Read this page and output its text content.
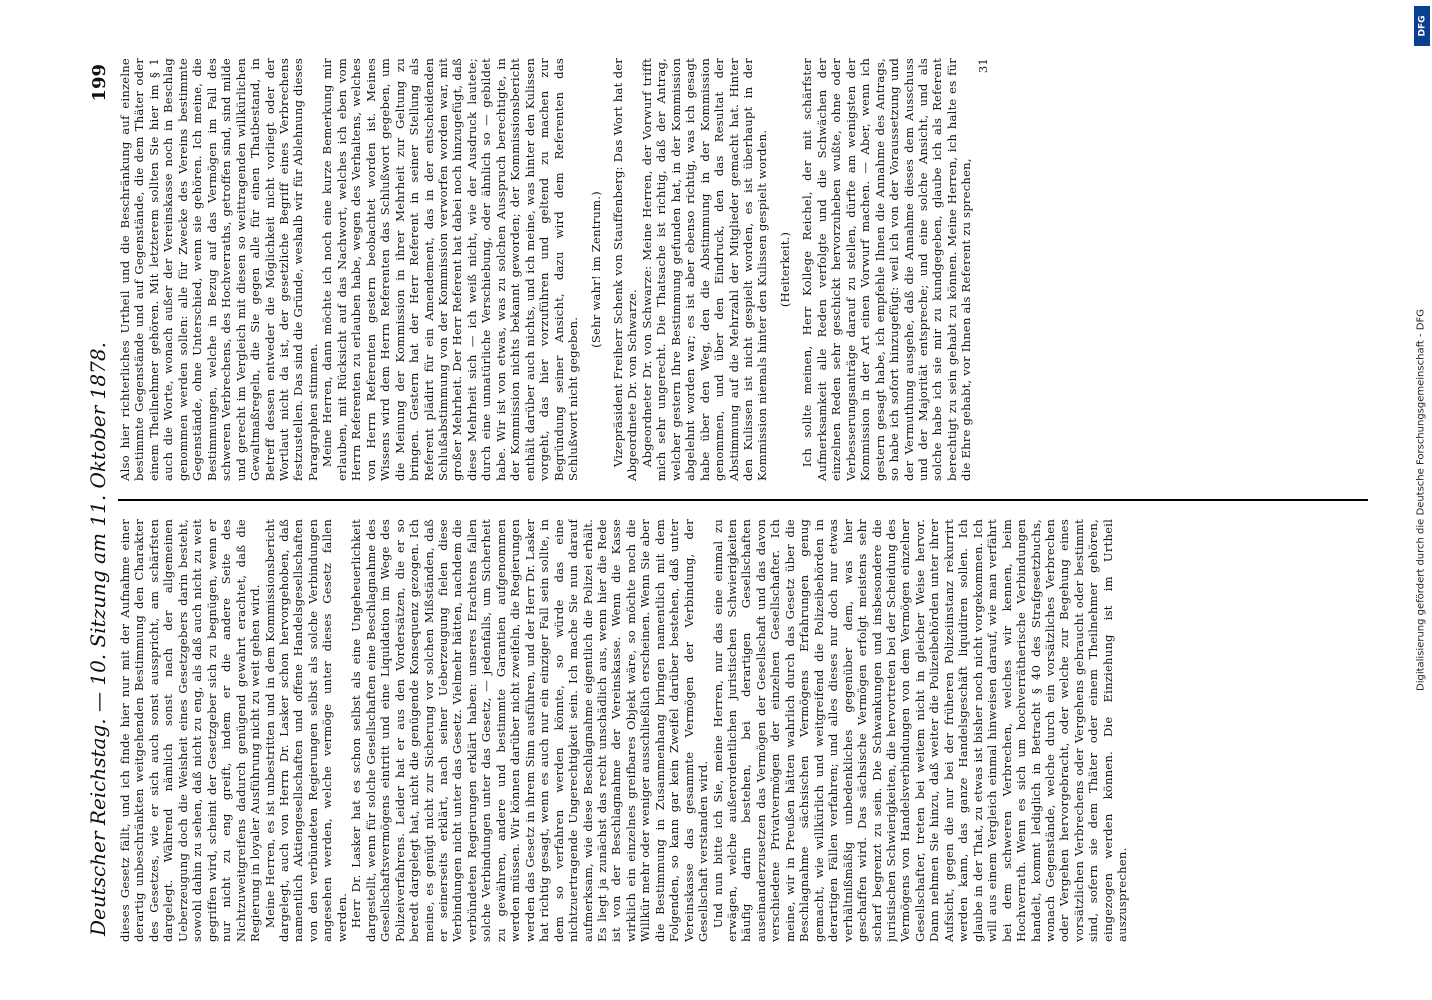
Deutscher Reichstag. — 10. Sitzung am 11. Oktober 1878.
199

dieses Gesetz fällt, und ich finde hier nur mit der Aufnahme einer derartig unbeschränkten weitgehenden Bestimmung den Charakter des Gesetzes, wie er sich auch sonst ausspricht, am schärfsten dargelegt. Während nämlich sonst nach der allgemeinen Ueberzeugung doch die Weisheit eines Gesetzgebers darin besteht, sowohl dahin zu sehen, daß nicht zu eng, als daß auch nicht zu weit gegriffen wird, scheint der Gesetzgeber sich zu begnügen, wenn er nur nicht zu eng greift, indem er die andere Seite des Nichtzuweitgreifens dadurch genügend gewahrt erachtet, daß die Regierung in loyaler Ausführung nicht zu weit gehen wird. Meine Herren, es ist unbestritten und in dem Kommissionsbericht dargelegt, auch von Herrn Dr. Lasker schon hervorgehoben, daß namentlich Aktiengesellschaften und offene Handelsgesellschaften von den verbündeten Regierungen selbst als solche Verbindungen angesehen werden, welche vermöge unter dieses Gesetz fallen werden. Herr Dr. Lasker hat es schon selbst als eine Ungeheuerlichkeit dargestellt, wenn für solche Gesellschaften eine Beschlagnahme des Gesellschaftsvermögens eintritt und eine Liquidation im Wege des Polizeiverfahrens. Leider hat er aus den Vordersätzen, die er so beredt dargelegt hat, nicht die genügende Konsequenz gezogen. Ich meine, es genügt nicht zur Sicherung vor solchen Mißständen, daß er seinerseits erklärt, nach seiner Ueberzeugung fielen diese Verbindungen nicht unter das Gesetz. Vielmehr hätten, nachdem die verbündeten Regierungen erklärt haben: unseres Erachtens fallen solche Verbindungen unter das Gesetz, — jedenfalls, um Sicherheit zu gewähren, andere und bestimmte Garantien aufgenommen werden müssen. Wir können darüber nicht zweifeln, die Regierungen werden das Gesetz in ihrem Sinn ausführen, und der Herr Dr. Lasker hat richtig gesagt, wenn es auch nur ein einziger Fall sein sollte, in dem so verfahren werden könnte, so würde das eine nichtzuertragende Ungerechtigkeit sein. Ich mache Sie nun darauf aufmerksam, wie diese Beschlagnahme eigentlich die Polizei erhält. Es liegt ja zunächst das recht unschädlich aus, wenn hier die Rede ist von der Beschlagnahme der Vereinskasse. Wenn die Kasse wirklich ein einzelnes greifbares Objekt wäre, so möchte noch die Willkür mehr oder weniger ausschließlich erscheinen. Wenn Sie aber die Bestimmung in Zusammenhang bringen namentlich mit dem Folgenden, so kann gar kein Zweifel darüber bestehen, daß unter Vereinskasse das gesammte Vermögen der Verbindung, der Gesellschaft verstanden wird. Und nun bitte ich Sie, meine Herren, nur das eine einmal zu erwägen, welche außerordentlichen juristischen Schwierigkeiten häufig darin bestehen, bei derartigen Gesellschaften auseinanderzusetzen das Vermögen der Gesellschaft und das davon verschiedene Privatvermögen der einzelnen Gesellschafter. Ich meine, wir in Preußen hätten wahrlich durch das Gesetz über die Beschlagnahme sächsischen Vermögens Erfahrungen genug gemacht, wie willkürlich und weitgreifend die Polizeibehörden in derartigen Fällen verfahren; und alles dieses nur doch nur etwas verhältnißmäßig unbedenkliches gegenüber dem, was hier geschaffen wird. Das sächsische Vermögen erfolgt meistens sehr scharf begrenzt zu sein. Die Schwankungen und insbesondere die juristischen Schwierigkeiten, die hervortreten bei der Scheidung des Vermögens von Handelsverbindungen von dem Vermögen einzelner Gesellschafter, treten bei weitem nicht in gleicher Weise hervor. Dann nehmen Sie hinzu, daß weiter die Polizeibehörden unter ihrer Aufsicht, gegen die nur bei der früheren Polizeiinstanz rekurrirt werden kann, das ganze Handelsgeschäft liquidiren sollen. Ich glaube in der That, zu etwas ist bisher noch nicht vorgekommen. Ich will aus einem Vergleich einmal hinweisen darauf, wie man verfährt bei dem schweren Verbrechen, welches wir kennen, beim Hochverrath. Wenn es sich um hochverrätherische Verbindungen handelt, kommt lediglich in Betracht § 40 des Strafgesetzbuchs, wonach Gegenstände, welche durch ein vorsätzliches Verbrechen oder Vergehen hervorgebracht, oder welche zur Begehung eines vorsätzlichen Verbrechens oder Vergehens gebraucht oder bestimmt sind, sofern sie dem Thäter oder einem Theilnehmer gehören, eingezogen werden können. Die Einziehung ist im Urtheil auszusprechen.

Also hier richterliches Urtheil und die Beschränkung auf einzelne bestimmte Gegenstände und auf Gegenstände, die dem Thäter oder einem Theilnehmer gehören. Mit letzterem sollten Sie hier im § 1 auch die Worte, wonach außer der Vereinskasse noch in Beschlag genommen werden sollen: alle für Zwecke des Vereins bestimmte Gegenstände, ohne Unterschied, wenn sie gehören. Ich meine, die Bestimmungen, welche in Bezug auf das Vermögen im Fall des schweren Verbrechens, des Hochverraths, getroffen sind, sind milde und gerecht im Vergleich mit diesen so weittragenden willkürlichen Gewaltmaßregeln, die Sie gegen alle für einen Thatbestand, in Betreff dessen entweder die Möglichkeit nicht vorliegt oder der Wortlaut nicht da ist, der gesetzliche Begriff eines Verbrechens festzustellen. Das sind die Gründe, weshalb wir für Ablehnung dieses Paragraphen stimmen. Meine Herren, dann möchte ich noch eine kurze Bemerkung mir erlauben, mit Rücksicht auf das Nachwort, welches ich eben vom Herrn Referenten zu erlauben habe, wegen des Verhaltens, welches von Herrn Referenten gestern beobachtet worden ist. Meines Wissens wird dem Herrn Referenten das Schlußwort gegeben, um die Meinung der Kommission in ihrer Mehrheit zur Geltung zu bringen. Gestern hat der Herr Referent in seiner Stellung als Referent plädirt für ein Amendement, das in der entscheidenden Schlußabstimmung von der Kommission verworfen worden war, mit großer Mehrheit. Der Herr Referent hat dabei noch hinzugefügt, daß diese Mehrheit sich — ich weiß nicht, wie der Ausdruck lautete; durch eine unnatürliche Verschiebung, oder ähnlich so — gebildet habe. Wir ist von etwas, was zu solchen Ausspruch berechtigte, in der Kommission nichts bekannt geworden; der Kommissionsbericht enthält darüber auch nichts, und ich meine, was hinter den Kulissen vorgeht, das hier vorzuführen und geltend zu machen zur Begründung seiner Ansicht, dazu wird dem Referenten das Schlußwort nicht gegeben.

(Sehr wahr! im Zentrum.) Vizepräsident Freiherr Schenk von Stauffenberg: Das Wort hat der Abgeordnete Dr. von Schwarze. Abgeordneter Dr. von Schwarze: Meine Herren, der Vorwurf trifft mich sehr ungerecht. Die Thatsache ist richtig, daß der Antrag, welcher gestern Ihre Bestimmung gefunden hat, in der Kommission abgelehnt worden war; es ist aber ebenso richtig, was ich gesagt habe über den Weg, den die Abstimmung in der Kommission genommen, und über den Eindruck, den das Resultat der Abstimmung auf die Mehrzahl der Mitglieder gemacht hat. Hinter den Kulissen ist nicht gespielt worden, es ist überhaupt in der Kommission niemals hinter den Kulissen gespielt worden. (Heiterkeit.) Ich sollte meinen, Herr Kollege Reichel, der mit schärfster Aufmerksamkeit alle Reden verfolgte und die Schwächen der einzelnen Reden sehr geschickt hervorzuheben wußte, ohne oder Verbesserungsanträge darauf zu stellen, dürfte am wenigsten der Kommission in der Art einen Vorwurf machen. — Aber, wenn ich gestern gesagt habe, ich empfehle Ihnen die Annahme des Antrags, so habe ich sofort hinzugefügt: weil ich von der Voraussetzung und der Vermuthung ausgehe, daß die Annahme dieses dem Ausschuss und der Majorität entspreche; und eine solche Ansicht, und als solche habe ich sie mir zu kundgegeben, glaube ich als Referent berechtigt zu sein gehabt zu können. Meine Herren, ich halte es für die Ehre gehabt, vor Ihnen als Referent zu sprechen,

31

Digitalisierung gefördert durch die Deutsche Forschungsgemeinschaft - DFG
DFG
